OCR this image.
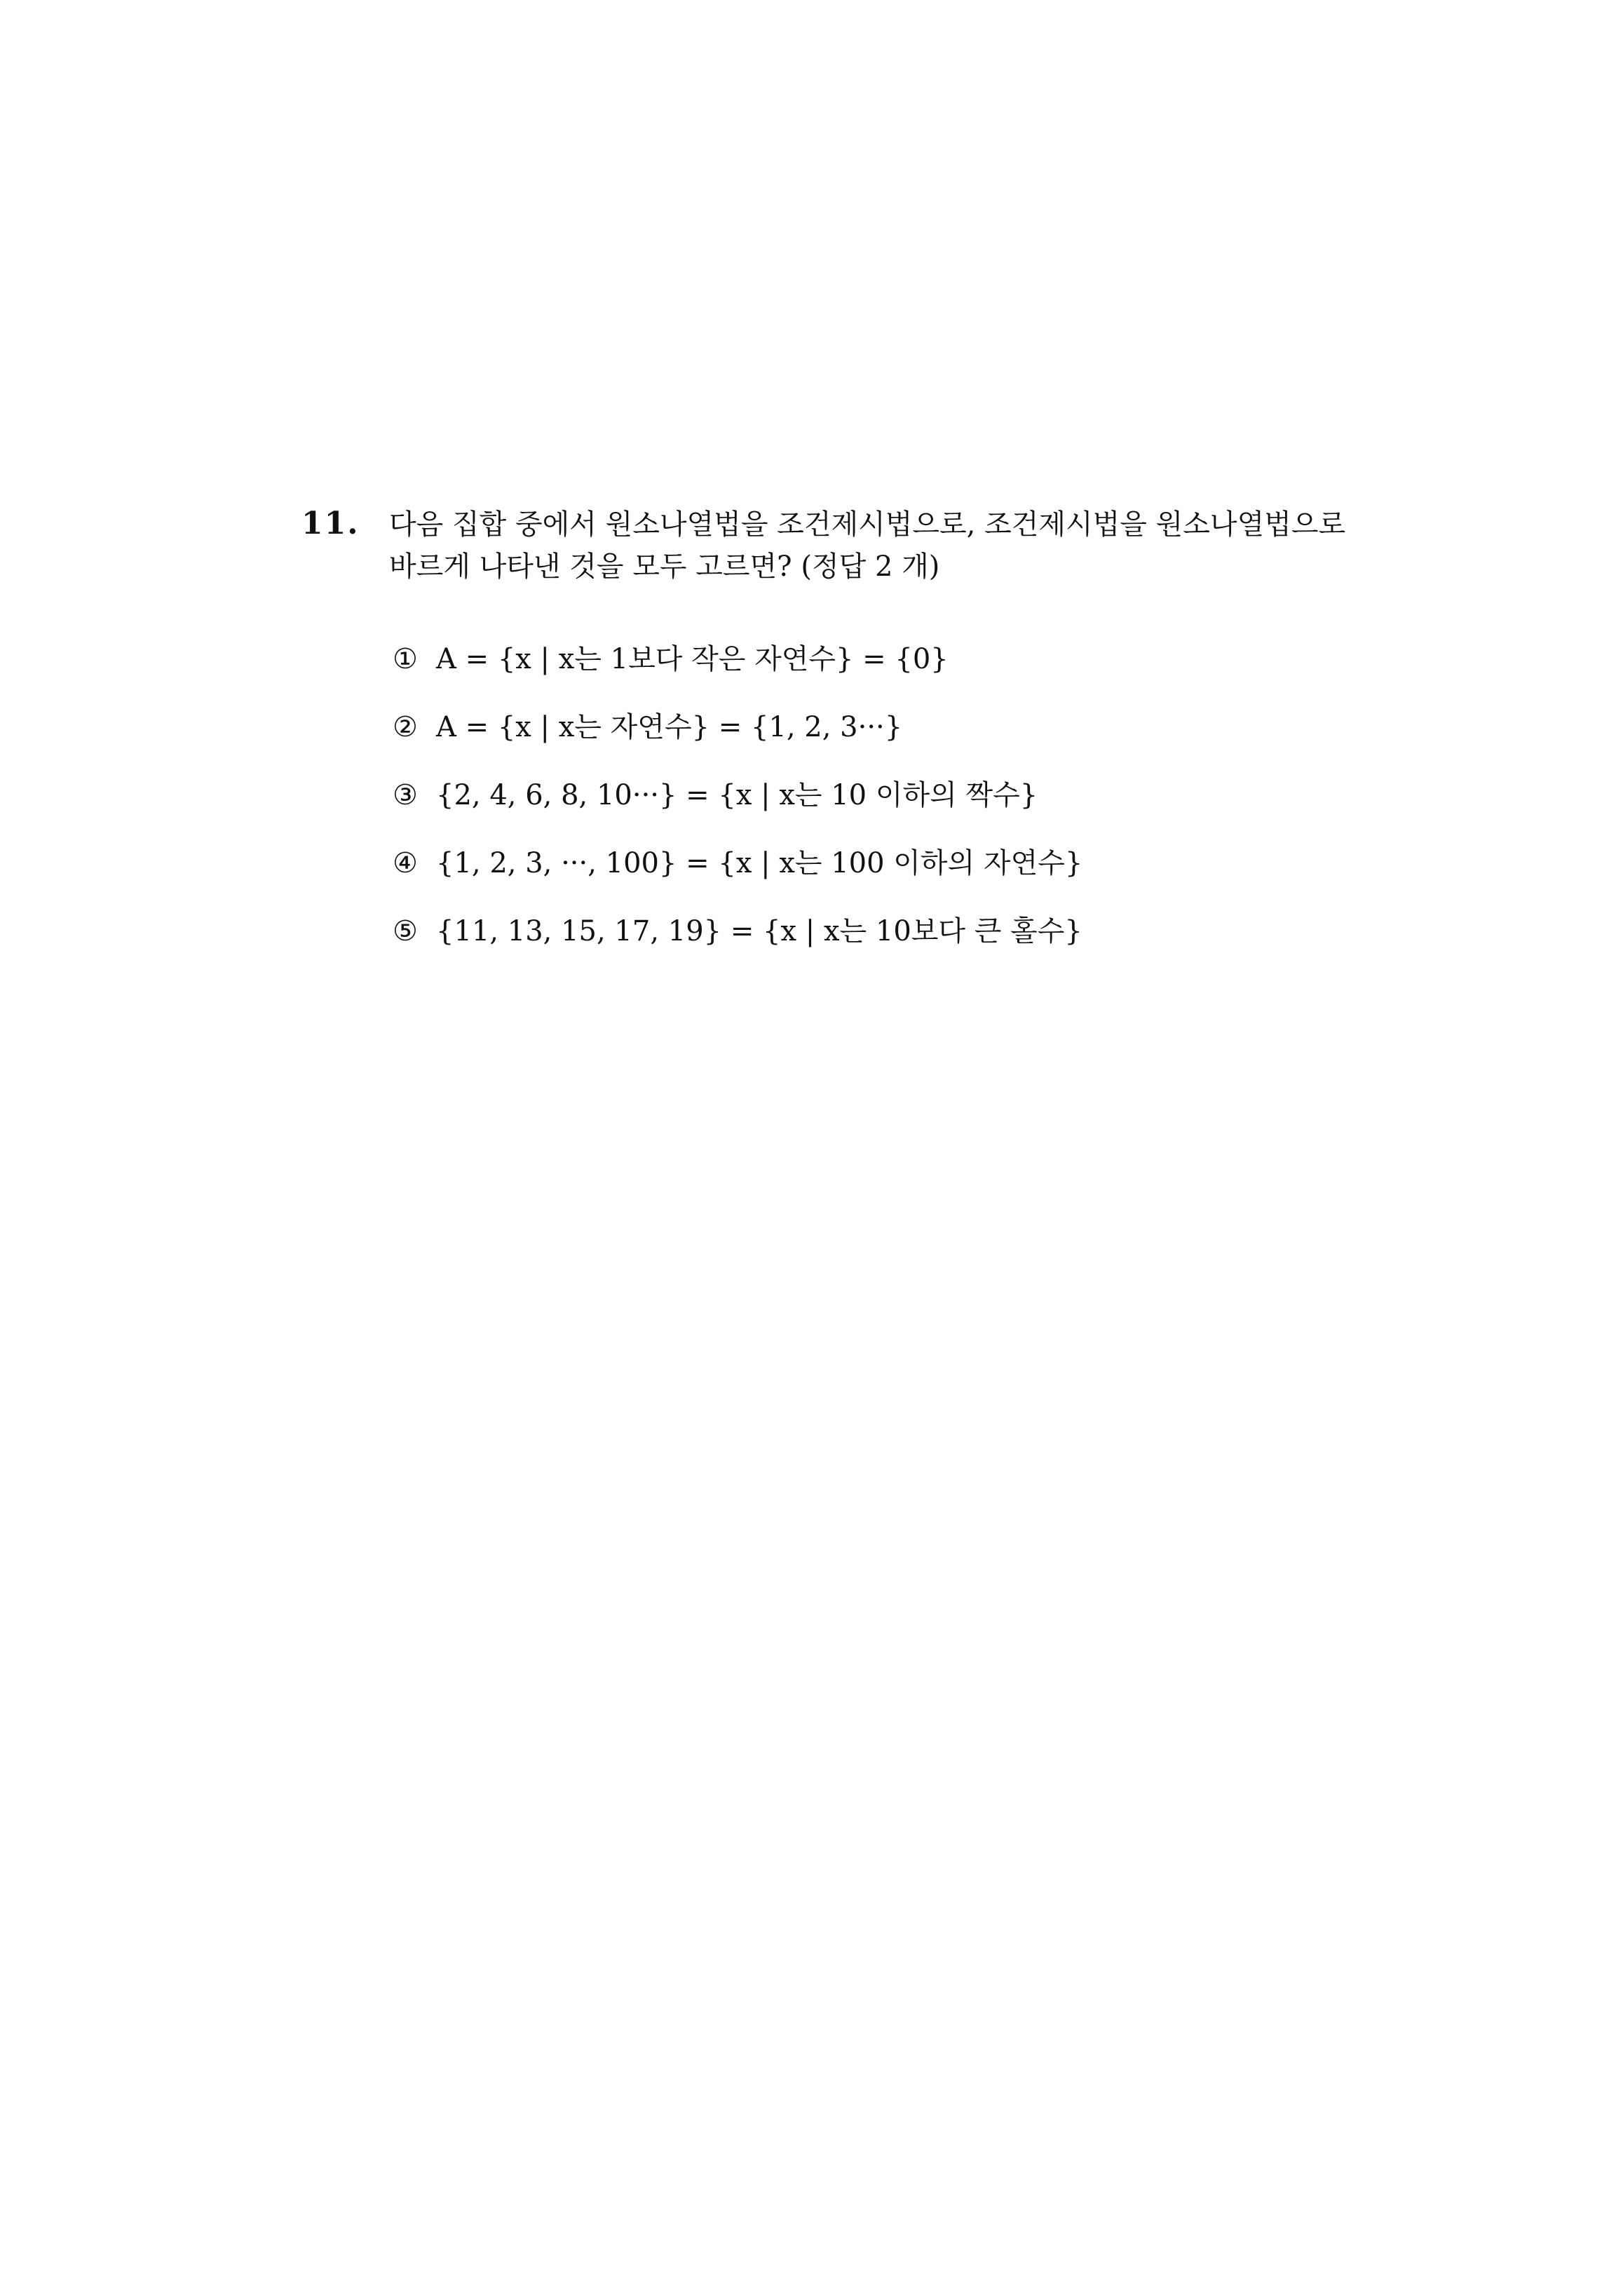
11. 다음 집합 중에서 원소나열법을 조건제시법으로, 조건제시법을 원소나열법으로
바르게 나타낸 것을 모두 고르면? (정답 2 개)
① A = {x | x는 1보다 작은 자연수} = {0}
② A = {x | x는 자연수} = {1, 2, 3···}
③ {2, 4, 6, 8, 10···} = {x | x는 10 이하의 짝수}
④ {1, 2, 3, ···, 100} = {x | x는 100 이하의 자연수}
⑤ {11, 13, 15, 17, 19} = {x | x는 10보다 큰 홀수}
